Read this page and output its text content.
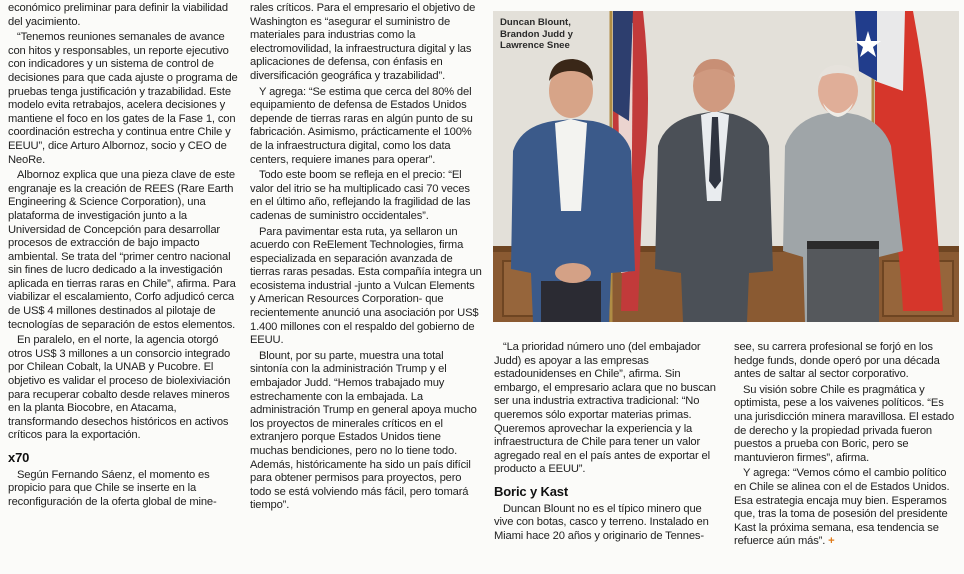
económico preliminar para definir la viabilidad del yacimiento.

“Tenemos reuniones semanales de avance con hitos y responsables, un reporte ejecutivo con indicadores y un sistema de control de decisiones para que cada ajuste o programa de pruebas tenga justificación y trazabilidad. Este modelo evita retrabajos, acelera decisiones y mantiene el foco en los gates de la Fase 1, con coordinación estrecha y continua entre Chile y EEUU”, dice Arturo Albornoz, socio y CEO de NeoRe.

Albornoz explica que una pieza clave de este engranaje es la creación de REES (Rare Earth Engineering & Science Corporation), una plataforma de investigación junto a la Universidad de Concepción para desarrollar procesos de extracción de bajo impacto ambiental. Se trata del “primer centro nacional sin fines de lucro dedicado a la investigación aplicada en tierras raras en Chile”, afirma. Para viabilizar el escalamiento, Corfo adjudicó cerca de US$ 4 millones destinados al pilotaje de tecnologías de separación de estos elementos.

En paralelo, en el norte, la agencia otorgó otros US$ 3 millones a un consorcio integrado por Chilean Cobalt, la UNAB y Pucobre. El objetivo es validar el proceso de biolexiviación para recuperar cobalto desde relaves mineros en la planta Biocobre, en Atacama, transformando desechos históricos en activos críticos para la exportación.

x70

Según Fernando Sáenz, el momento es propicio para que Chile se inserte en la reconfiguración de la oferta global de mine-

rales críticos. Para el empresario el objetivo de Washington es “asegurar el suministro de materiales para industrias como la electromovilidad, la infraestructura digital y las aplicaciones de defensa, con énfasis en diversificación geográfica y trazabilidad”.

Y agrega: “Se estima que cerca del 80% del equipamiento de defensa de Estados Unidos depende de tierras raras en algún punto de su fabricación. Asimismo, prácticamente el 100% de la infraestructura digital, como los data centers, requiere imanes para operar”.

Todo este boom se refleja en el precio: “El valor del itrio se ha multiplicado casi 70 veces en el último año, reflejando la fragilidad de las cadenas de suministro occidentales”.

Para pavimentar esta ruta, ya sellaron un acuerdo con ReElement Technologies, firma especializada en separación avanzada de tierras raras pesadas. Esta compañía integra un ecosistema industrial -junto a Vulcan Elements y American Resources Corporation- que recientemente anunció una asociación por US$ 1.400 millones con el respaldo del gobierno de EEUU.

Blount, por su parte, muestra una total sintonía con la administración Trump y el embajador Judd. “Hemos trabajado muy estrechamente con la embajada. La administración Trump en general apoya mucho los proyectos de minerales críticos en el extranjero porque Estados Unidos tiene muchas bendiciones, pero no lo tiene todo. Además, históricamente ha sido un país difícil para obtener permisos para proyectos, pero todo se está volviendo más fácil, pero tomará tiempo”.

Duncan Blount,
Brandon Judd y
Lawrence Snee

“La prioridad número uno (del embajador Judd) es apoyar a las empresas estadounidenses en Chile”, afirma. Sin embargo, el empresario aclara que no buscan ser una industria extractiva tradicional: “No queremos sólo exportar materias primas. Queremos aprovechar la experiencia y la infraestructura de Chile para tener un valor agregado real en el país antes de exportar el producto a EEUU”.

Boric y Kast

Duncan Blount no es el típico minero que vive con botas, casco y terreno. Instalado en Miami hace 20 años y originario de Tennes-

see, su carrera profesional se forjó en los hedge funds, donde operó por una década antes de saltar al sector corporativo.

Su visión sobre Chile es pragmática y optimista, pese a los vaivenes políticos. “Es una jurisdicción minera maravillosa. El estado de derecho y la propiedad privada fueron puestos a prueba con Boric, pero se mantuvieron firmes”, afirma.

Y agrega: “Vemos cómo el cambio político en Chile se alinea con el de Estados Unidos. Esa estrategia encaja muy bien. Esperamos que, tras la toma de posesión del presidente Kast la próxima semana, esa tendencia se refuerce aún más”. +
